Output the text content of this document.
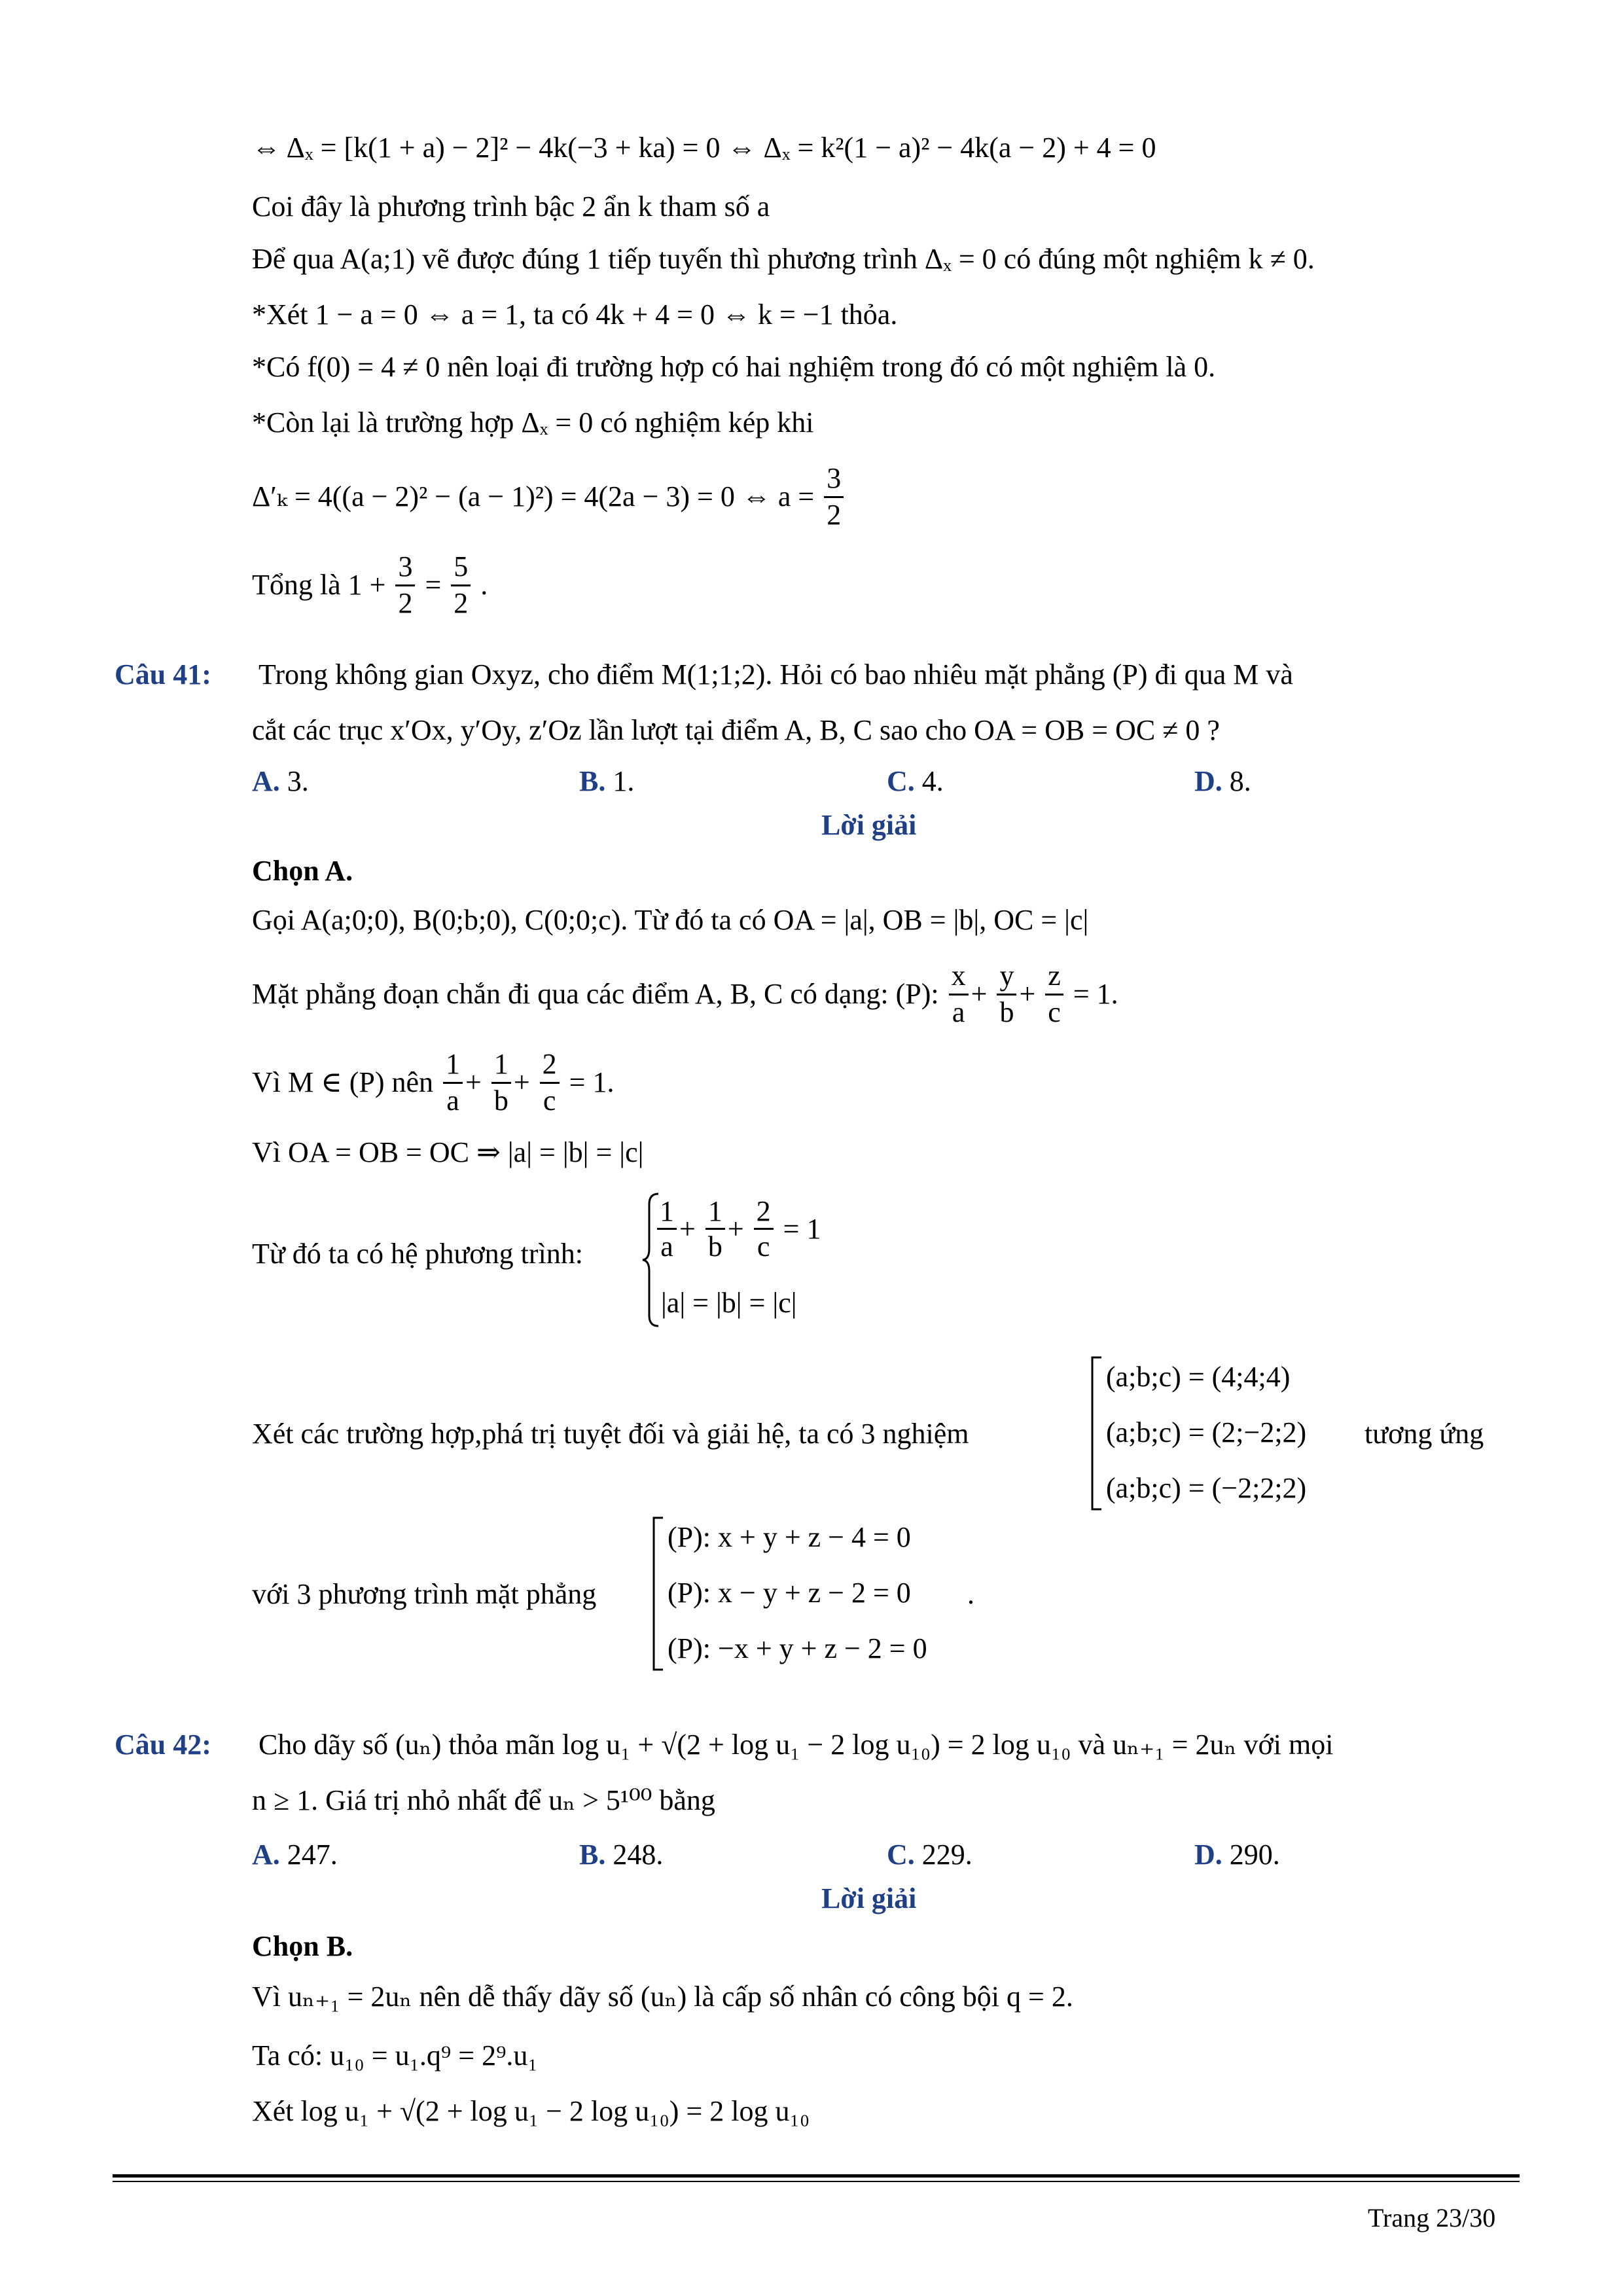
⇔ Δₓ = [k(1 + a) − 2]² − 4k(−3 + ka) = 0 ⇔ Δₓ = k²(1 − a)² − 4k(a − 2) + 4 = 0
Coi đây là phương trình bậc 2 ẩn k tham số a
Để qua A(a;1) vẽ được đúng 1 tiếp tuyến thì phương trình Δₓ = 0 có đúng một nghiệm k ≠ 0.
*Xét 1 − a = 0 ⇔ a = 1, ta có 4k + 4 = 0 ⇔ k = −1 thỏa.
*Có f(0) = 4 ≠ 0 nên loại đi trường hợp có hai nghiệm trong đó có một nghiệm là 0.
*Còn lại là trường hợp Δₓ = 0 có nghiệm kép khi
Δ′ₖ = 4((a − 2)² − (a − 1)²) = 4(2a − 3) = 0 ⇔ $a = \frac{3}{2}$
Tổng là $1 + \frac{3}{2} = \frac{5}{2}$ .
Câu 41: Trong không gian Oxyz, cho điểm M(1;1;2). Hỏi có bao nhiêu mặt phẳng (P) đi qua M và
cắt các trục x′Ox, y′Oy, z′Oz lần lượt tại điểm A, B, C sao cho OA = OB = OC ≠ 0 ?
A. 3.	B. 1.	C. 4.	D. 8.
Lời giải
Chọn A.
Gọi A(a;0;0), B(0;b;0), C(0;0;c). Từ đó ta có OA = |a|, OB = |b|, OC = |c|
Mặt phẳng đoạn chắn đi qua các điểm A, B, C có dạng: (P): $\frac{x}{a} + \frac{y}{b} + \frac{z}{c} = 1$.
Vì M ∈ (P) nên $\frac{1}{a} + \frac{1}{b} + \frac{2}{c} = 1$.
Vì OA = OB = OC ⇒ |a| = |b| = |c|
Từ đó ta có hệ phương trình:	$\frac{1}{a} + \frac{1}{b} + \frac{2}{c} = 1$
|a| = |b| = |c|
Xét các trường hợp,phá trị tuyệt đối và giải hệ, ta có 3 nghiệm
(a;b;c) = (4;4;4)
(a;b;c) = (2;−2;2)
(a;b;c) = (−2;2;2)
tương ứng
với 3 phương trình mặt phẳng
(P): x + y + z − 4 = 0
(P): x − y + z − 2 = 0
(P): −x + y + z − 2 = 0
.
Câu 42: Cho dãy số (uₙ) thỏa mãn log u₁ + √(2 + log u₁ − 2 log u₁₀) = 2 log u₁₀ và uₙ₊₁ = 2uₙ với mọi
n ≥ 1. Giá trị nhỏ nhất để uₙ > 5¹⁰⁰ bằng
A. 247.	B. 248.	C. 229.	D. 290.
Lời giải
Chọn B.
Vì uₙ₊₁ = 2uₙ nên dễ thấy dãy số (uₙ) là cấp số nhân có công bội q = 2.
Ta có: u₁₀ = u₁.q⁹ = 2⁹.u₁
Xét log u₁ + √(2 + log u₁ − 2 log u₁₀) = 2 log u₁₀
Trang 23/30
